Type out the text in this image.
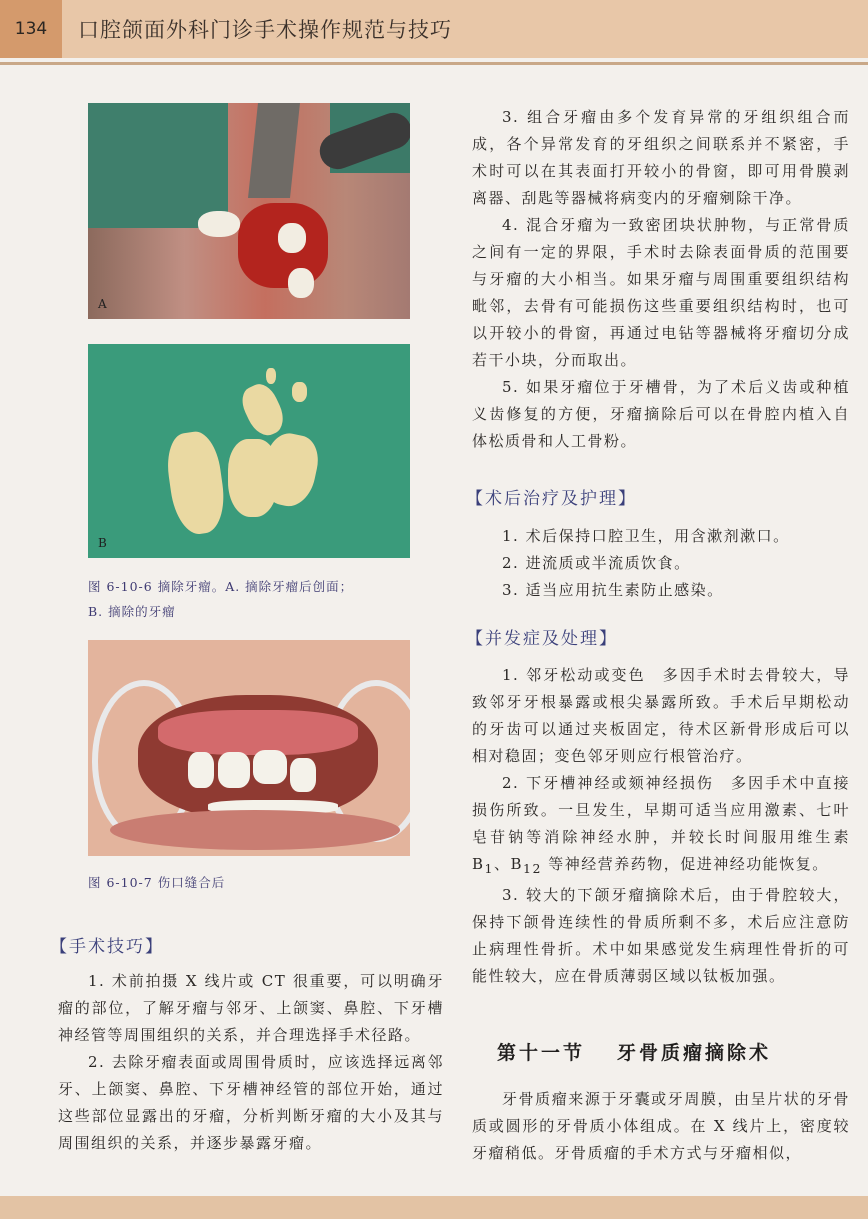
134	口腔颌面外科门诊手术操作规范与技巧
A
B
图 6-10-6 摘除牙瘤。A. 摘除牙瘤后创面；
B. 摘除的牙瘤
图 6-10-7 伤口缝合后
【手术技巧】

1. 术前拍摄 X 线片或 CT 很重要，可以明确牙瘤的部位，了解牙瘤与邻牙、上颌窦、鼻腔、下牙槽神经管等周围组织的关系，并合理选择手术径路。

2. 去除牙瘤表面或周围骨质时，应该选择远离邻牙、上颌窦、鼻腔、下牙槽神经管的部位开始，通过这些部位显露出的牙瘤，分析判断牙瘤的大小及其与周围组织的关系，并逐步暴露牙瘤。

3. 组合牙瘤由多个发育异常的牙组织组合而成，各个异常发育的牙组织之间联系并不紧密，手术时可以在其表面打开较小的骨窗，即可用骨膜剥离器、刮匙等器械将病变内的牙瘤剜除干净。

4. 混合牙瘤为一致密团块状肿物，与正常骨质之间有一定的界限，手术时去除表面骨质的范围要与牙瘤的大小相当。如果牙瘤与周围重要组织结构毗邻，去骨有可能损伤这些重要组织结构时，也可以开较小的骨窗，再通过电钻等器械将牙瘤切分成若干小块，分而取出。

5. 如果牙瘤位于牙槽骨，为了术后义齿或种植义齿修复的方便，牙瘤摘除后可以在骨腔内植入自体松质骨和人工骨粉。

【术后治疗及护理】

1. 术后保持口腔卫生，用含漱剂漱口。

2. 进流质或半流质饮食。

3. 适当应用抗生素防止感染。

【并发症及处理】

1. 邻牙松动或变色　多因手术时去骨较大，导致邻牙牙根暴露或根尖暴露所致。手术后早期松动的牙齿可以通过夹板固定，待术区新骨形成后可以相对稳固；变色邻牙则应行根管治疗。

2. 下牙槽神经或颏神经损伤　多因手术中直接损伤所致。一旦发生，早期可适当应用激素、七叶皂苷钠等消除神经水肿，并较长时间服用维生素$B_1$、$B_{12}$ 等神经营养药物，促进神经功能恢复。

3. 较大的下颌牙瘤摘除术后，由于骨腔较大，保持下颌骨连续性的骨质所剩不多，术后应注意防止病理性骨折。术中如果感觉发生病理性骨折的可能性较大，应在骨质薄弱区域以钛板加强。

第十一节 牙骨质瘤摘除术

牙骨质瘤来源于牙囊或牙周膜，由呈片状的牙骨质或圆形的牙骨质小体组成。在 X 线片上，密度较牙瘤稍低。牙骨质瘤的手术方式与牙瘤相似，
